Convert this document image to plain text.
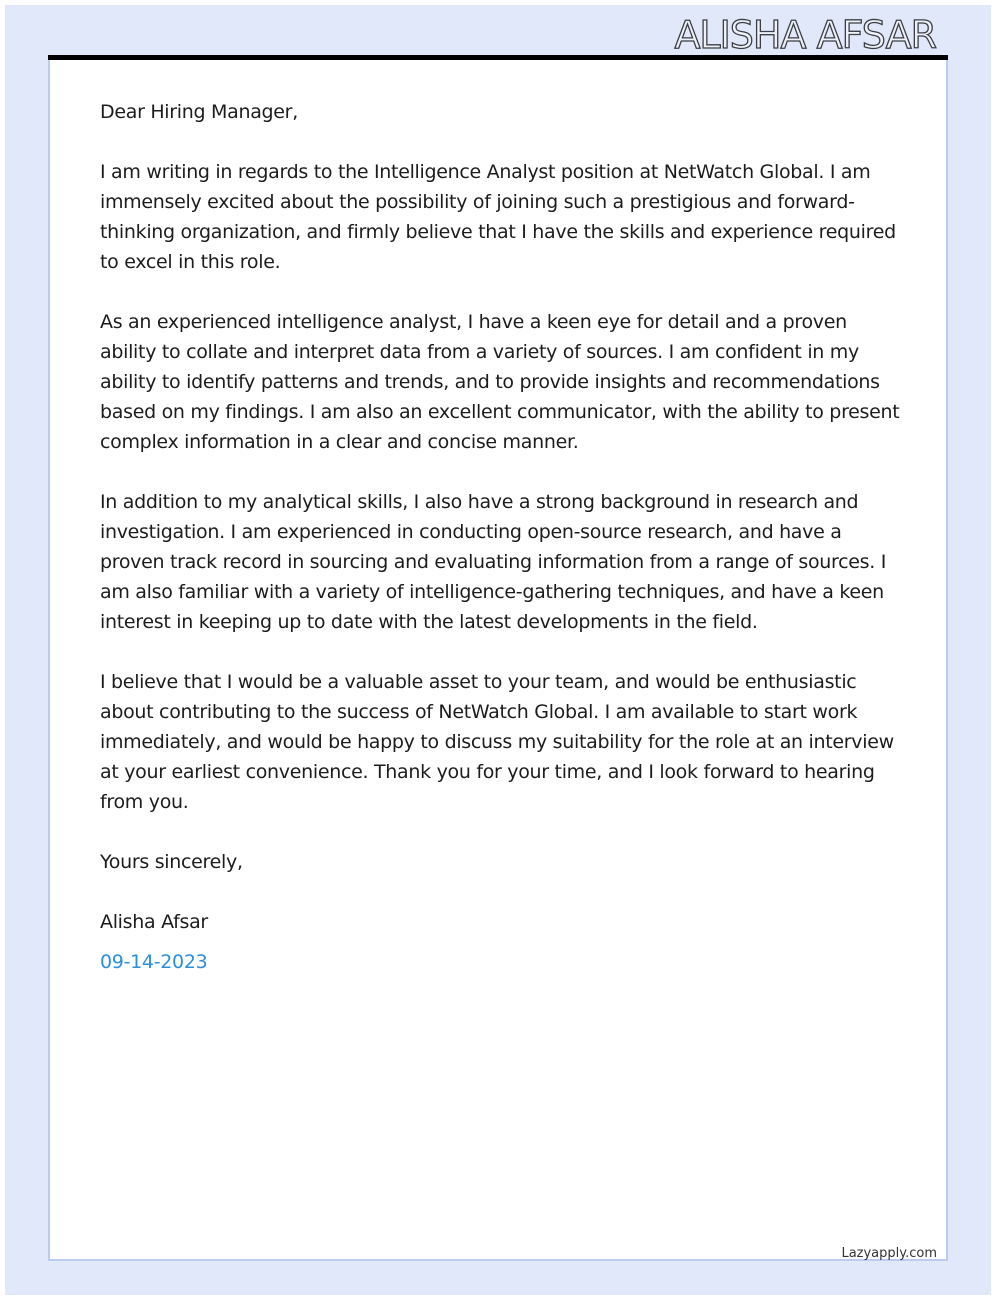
ALISHA AFSAR

Dear Hiring Manager,

I am writing in regards to the Intelligence Analyst position at NetWatch Global. I am immensely excited about the possibility of joining such a prestigious and forward-thinking organization, and firmly believe that I have the skills and experience required to excel in this role.

As an experienced intelligence analyst, I have a keen eye for detail and a proven ability to collate and interpret data from a variety of sources. I am confident in my ability to identify patterns and trends, and to provide insights and recommendations based on my findings. I am also an excellent communicator, with the ability to present complex information in a clear and concise manner.

In addition to my analytical skills, I also have a strong background in research and investigation. I am experienced in conducting open-source research, and have a proven track record in sourcing and evaluating information from a range of sources. I am also familiar with a variety of intelligence-gathering techniques, and have a keen interest in keeping up to date with the latest developments in the field.

I believe that I would be a valuable asset to your team, and would be enthusiastic about contributing to the success of NetWatch Global. I am available to start work immediately, and would be happy to discuss my suitability for the role at an interview at your earliest convenience. Thank you for your time, and I look forward to hearing from you.

Yours sincerely,

Alisha Afsar

09-14-2023

Lazyapply.com
